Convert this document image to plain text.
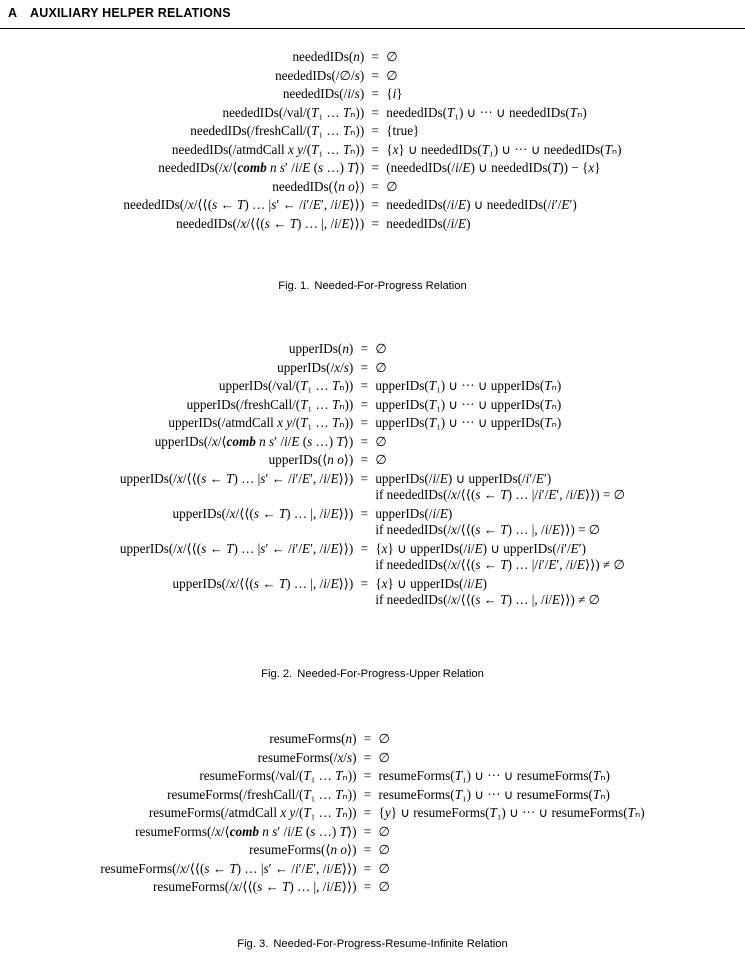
A AUXILIARY HELPER RELATIONS
neededIDs(n)	=	∅
neededIDs(/∅/s)	=	∅
neededIDs(/i/s)	=	{i}
neededIDs(/val/(T₁ … Tₙ))	=	neededIDs(T₁) ∪ ··· ∪ neededIDs(Tₙ)
neededIDs(/freshCall/(T₁ … Tₙ))	=	{true}
neededIDs(/atmdCall x y/(T₁ … Tₙ))	=	{x} ∪ neededIDs(T₁) ∪ ··· ∪ neededIDs(Tₙ)
neededIDs(/x/⟨comb n s′ /i/E (s …) T⟩)	=	(neededIDs(/i/E) ∪ neededIDs(T)) − {x}
neededIDs(⟨n o⟩)	=	∅
neededIDs(/x/⟨⟨(s ← T) … |s′ ← /i′/E′, /i/E⟩⟩)	=	neededIDs(/i/E) ∪ neededIDs(/i′/E′)
neededIDs(/x/⟨⟨(s ← T) … |, /i/E⟩⟩)	=	neededIDs(/i/E)
Fig. 1. Needed-For-Progress Relation
upperIDs(n)	=	∅
upperIDs(/x/s)	=	∅
upperIDs(/val/(T₁ … Tₙ))	=	upperIDs(T₁) ∪ ··· ∪ upperIDs(Tₙ)
upperIDs(/freshCall/(T₁ … Tₙ))	=	upperIDs(T₁) ∪ ··· ∪ upperIDs(Tₙ)
upperIDs(/atmdCall x y/(T₁ … Tₙ))	=	upperIDs(T₁) ∪ ··· ∪ upperIDs(Tₙ)
upperIDs(/x/⟨comb n s′ /i/E (s …) T⟩)	=	∅
upperIDs(⟨n o⟩)	=	∅
upperIDs(/x/⟨⟨(s ← T) … |s′ ← /i′/E′, /i/E⟩⟩)	=	upperIDs(/i/E) ∪ upperIDs(/i′/E′)
if neededIDs(/x/⟨⟨(s ← T) … |/i′/E′, /i/E⟩⟩) = ∅

upperIDs(/x/⟨⟨(s ← T) … |, /i/E⟩⟩)	=	upperIDs(/i/E)
if neededIDs(/x/⟨⟨(s ← T) … |, /i/E⟩⟩) = ∅

upperIDs(/x/⟨⟨(s ← T) … |s′ ← /i′/E′, /i/E⟩⟩)	=	{x} ∪ upperIDs(/i/E) ∪ upperIDs(/i′/E′)
if neededIDs(/x/⟨⟨(s ← T) … |/i′/E′, /i/E⟩⟩) ≠ ∅

upperIDs(/x/⟨⟨(s ← T) … |, /i/E⟩⟩)	=	{x} ∪ upperIDs(/i/E)
if neededIDs(/x/⟨⟨(s ← T) … |, /i/E⟩⟩) ≠ ∅
Fig. 2. Needed-For-Progress-Upper Relation
resumeForms(n)	=	∅
resumeForms(/x/s)	=	∅
resumeForms(/val/(T₁ … Tₙ))	=	resumeForms(T₁) ∪ ··· ∪ resumeForms(Tₙ)
resumeForms(/freshCall/(T₁ … Tₙ))	=	resumeForms(T₁) ∪ ··· ∪ resumeForms(Tₙ)
resumeForms(/atmdCall x y/(T₁ … Tₙ))	=	{y} ∪ resumeForms(T₁) ∪ ··· ∪ resumeForms(Tₙ)
resumeForms(/x/⟨comb n s′ /i/E (s …) T⟩)	=	∅
resumeForms(⟨n o⟩)	=	∅
resumeForms(/x/⟨⟨(s ← T) … |s′ ← /i′/E′, /i/E⟩⟩)	=	∅
resumeForms(/x/⟨⟨(s ← T) … |, /i/E⟩⟩)	=	∅
Fig. 3. Needed-For-Progress-Resume-Infinite Relation
